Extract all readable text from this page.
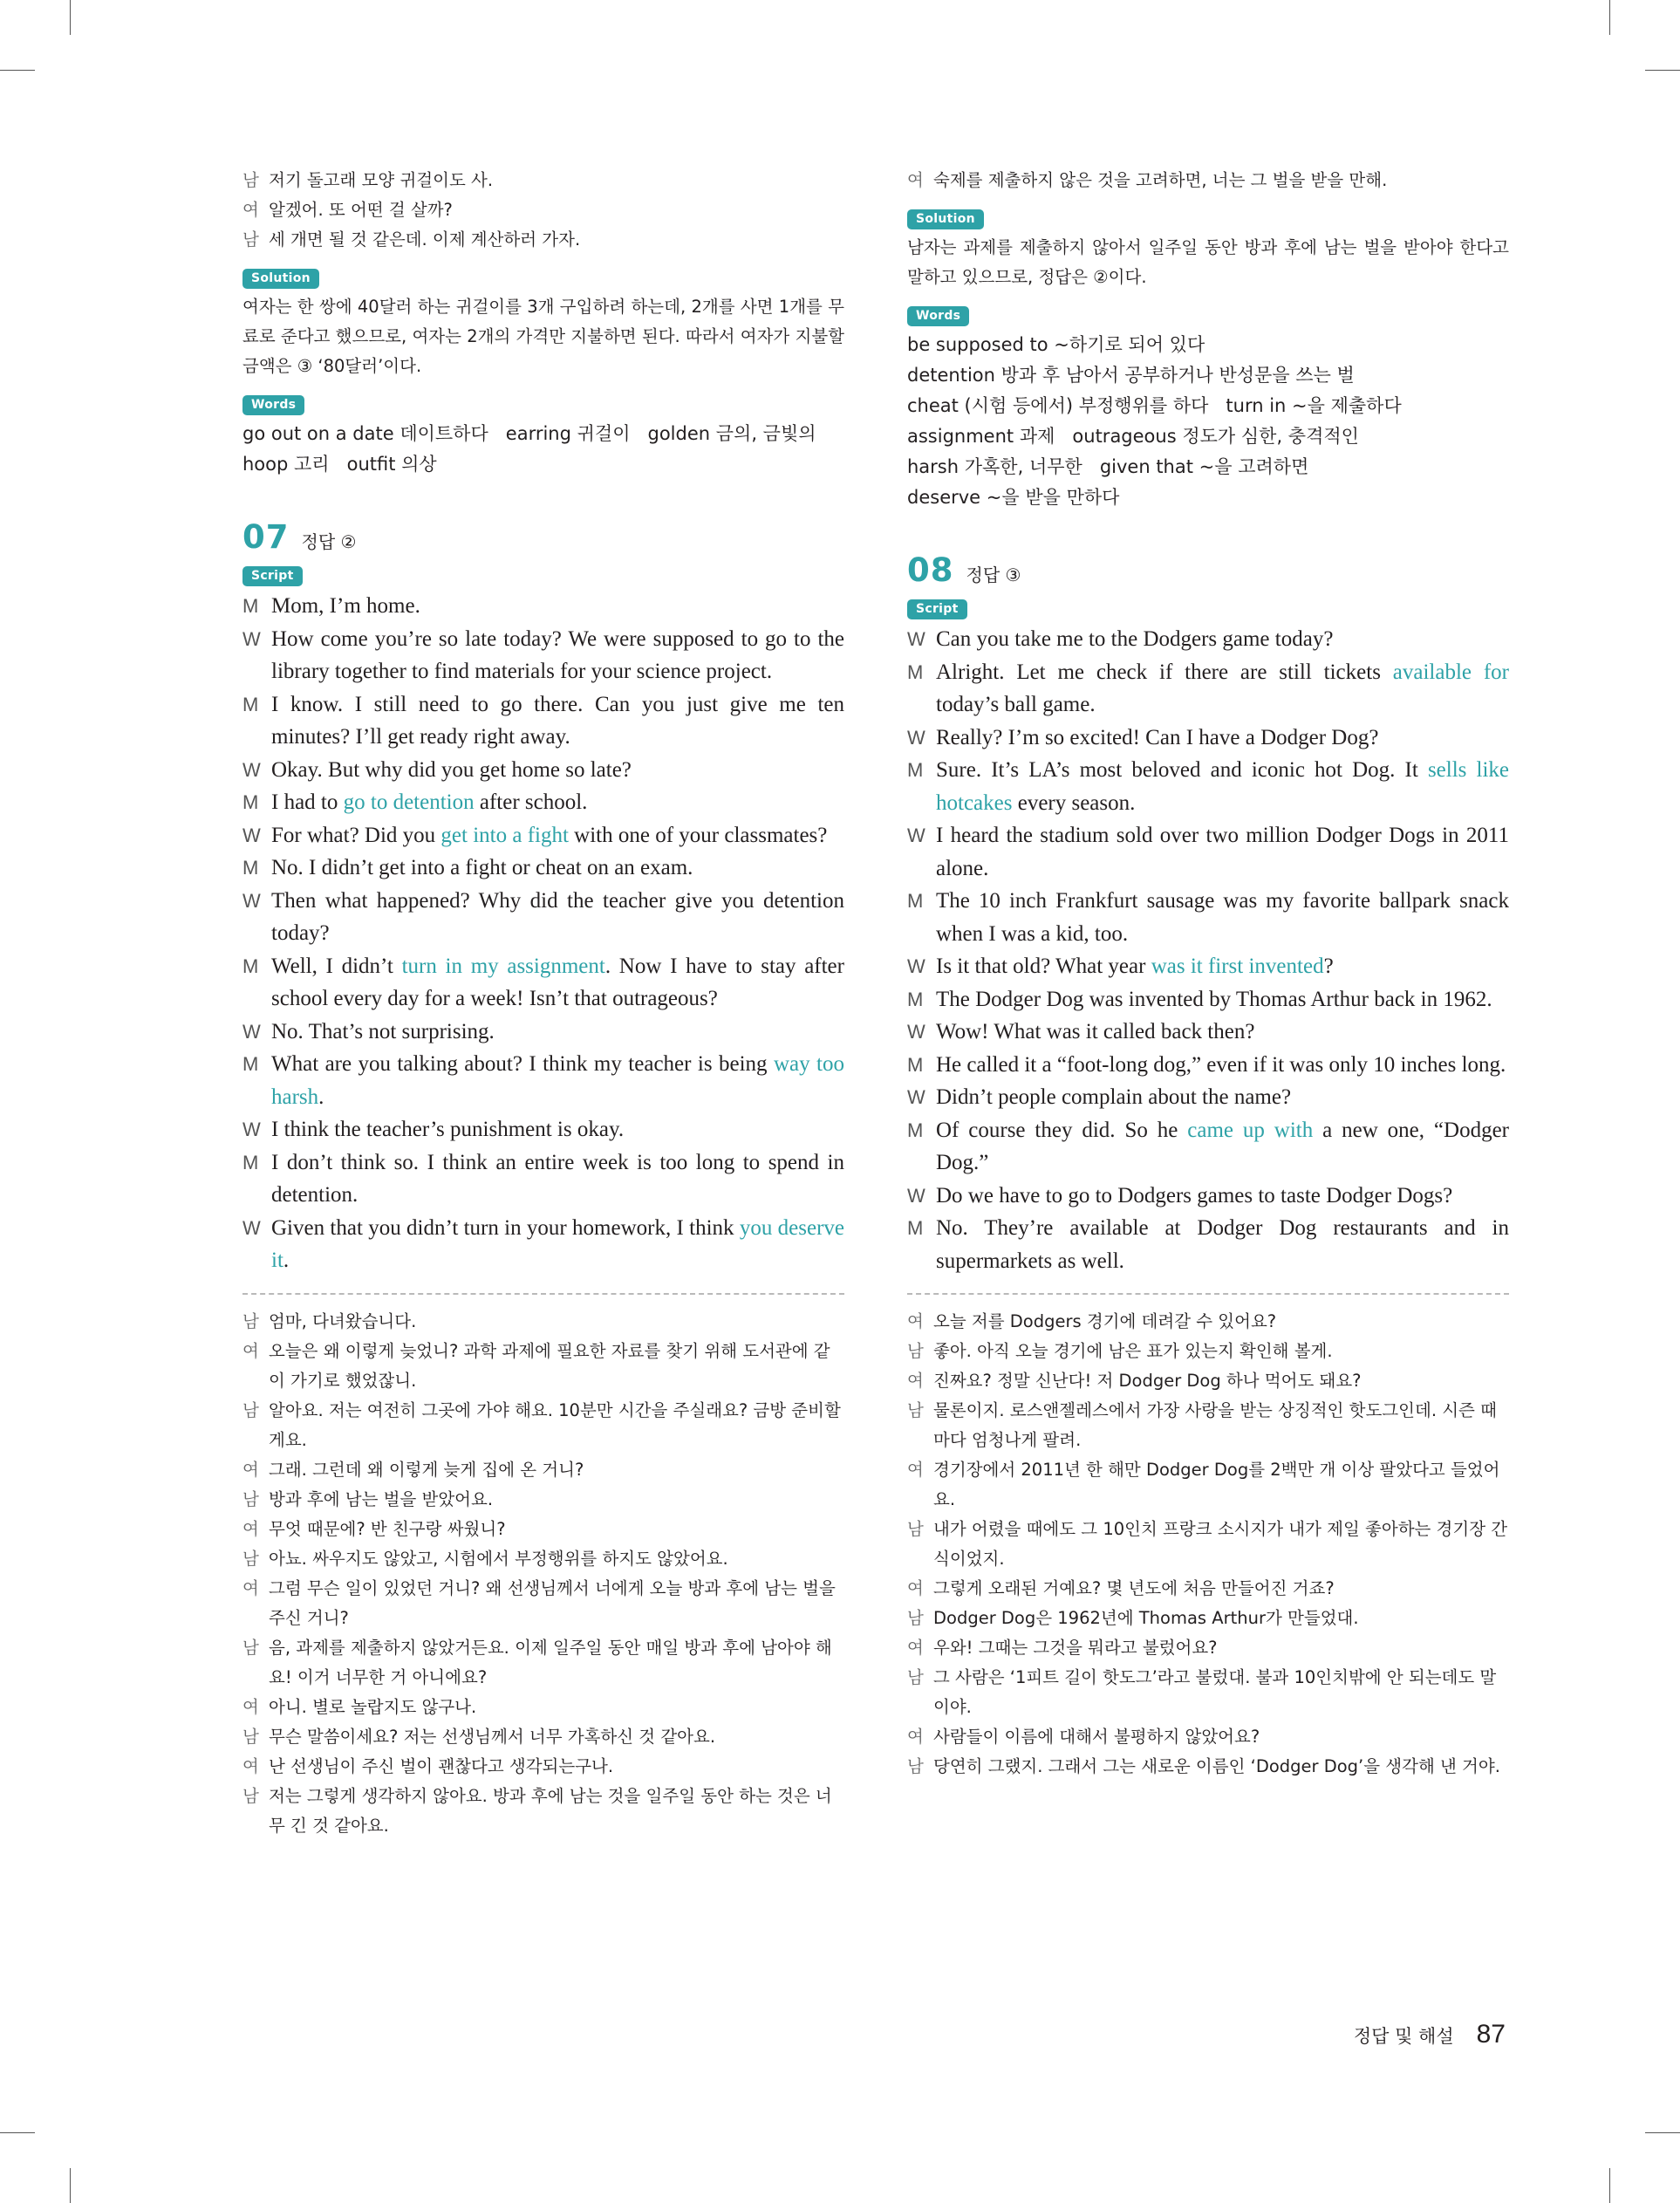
남 저기 돌고래 모양 귀걸이도 사.
여 알겠어. 또 어떤 걸 살까?
남 세 개면 될 것 같은데. 이제 계산하러 가자.
Solution
여자는 한 쌍에 40달러 하는 귀걸이를 3개 구입하려 하는데, 2개를 사면 1개를 무료로 준다고 했으므로, 여자는 2개의 가격만 지불하면 된다. 따라서 여자가 지불할 금액은 ③ ‘80달러’이다.
Words
go out on a date 데이트하다   earring 귀걸이   golden 금의, 금빛의
hoop 고리   outfit 의상
07 정답 ②
Script
M Mom, I’m home.
W How come you’re so late today? We were supposed to go to the library together to find materials for your science project.
M I know. I still need to go there. Can you just give me ten minutes? I’ll get ready right away.
W Okay. But why did you get home so late?
M I had to go to detention after school.
W For what? Did you get into a fight with one of your classmates?
M No. I didn’t get into a fight or cheat on an exam.
W Then what happened? Why did the teacher give you detention today?
M Well, I didn’t turn in my assignment. Now I have to stay after school every day for a week! Isn’t that outrageous?
W No. That’s not surprising.
M What are you talking about? I think my teacher is being way too harsh.
W I think the teacher’s punishment is okay.
M I don’t think so. I think an entire week is too long to spend in detention.
W Given that you didn’t turn in your homework, I think you deserve it.
남 엄마, 다녀왔습니다.
여 오늘은 왜 이렇게 늦었니? 과학 과제에 필요한 자료를 찾기 위해 도서관에 같이 가기로 했었잖니.
남 알아요. 저는 여전히 그곳에 가야 해요. 10분만 시간을 주실래요? 금방 준비할게요.
여 그래. 그런데 왜 이렇게 늦게 집에 온 거니?
남 방과 후에 남는 벌을 받았어요.
여 무엇 때문에? 반 친구랑 싸웠니?
남 아뇨. 싸우지도 않았고, 시험에서 부정행위를 하지도 않았어요.
여 그럼 무슨 일이 있었던 거니? 왜 선생님께서 너에게 오늘 방과 후에 남는 벌을 주신 거니?
남 음, 과제를 제출하지 않았거든요. 이제 일주일 동안 매일 방과 후에 남아야 해요! 이거 너무한 거 아니에요?
여 아니. 별로 놀랍지도 않구나.
남 무슨 말씀이세요? 저는 선생님께서 너무 가혹하신 것 같아요.
여 난 선생님이 주신 벌이 괜찮다고 생각되는구나.
남 저는 그렇게 생각하지 않아요. 방과 후에 남는 것을 일주일 동안 하는 것은 너무 긴 것 같아요.
여 숙제를 제출하지 않은 것을 고려하면, 너는 그 벌을 받을 만해.
Solution
남자는 과제를 제출하지 않아서 일주일 동안 방과 후에 남는 벌을 받아야 한다고 말하고 있으므로, 정답은 ②이다.
Words
be supposed to ~하기로 되어 있다
detention 방과 후 남아서 공부하거나 반성문을 쓰는 벌
cheat (시험 등에서) 부정행위를 하다   turn in ~을 제출하다
assignment 과제   outrageous 정도가 심한, 충격적인
harsh 가혹한, 너무한   given that ~을 고려하면
deserve ~을 받을 만하다
08 정답 ③
Script
W Can you take me to the Dodgers game today?
M Alright. Let me check if there are still tickets available for today’s ball game.
W Really? I’m so excited! Can I have a Dodger Dog?
M Sure. It’s LA’s most beloved and iconic hot Dog. It sells like hotcakes every season.
W I heard the stadium sold over two million Dodger Dogs in 2011 alone.
M The 10 inch Frankfurt sausage was my favorite ballpark snack when I was a kid, too.
W Is it that old? What year was it first invented?
M The Dodger Dog was invented by Thomas Arthur back in 1962.
W Wow! What was it called back then?
M He called it a “foot-long dog,” even if it was only 10 inches long.
W Didn’t people complain about the name?
M Of course they did. So he came up with a new one, “Dodger Dog.”
W Do we have to go to Dodgers games to taste Dodger Dogs?
M No. They’re available at Dodger Dog restaurants and in supermarkets as well.
여 오늘 저를 Dodgers 경기에 데려갈 수 있어요?
남 좋아. 아직 오늘 경기에 남은 표가 있는지 확인해 볼게.
여 진짜요? 정말 신난다! 저 Dodger Dog 하나 먹어도 돼요?
남 물론이지. 로스앤젤레스에서 가장 사랑을 받는 상징적인 핫도그인데. 시즌 때마다 엄청나게 팔려.
여 경기장에서 2011년 한 해만 Dodger Dog를 2백만 개 이상 팔았다고 들었어요.
남 내가 어렸을 때에도 그 10인치 프랑크 소시지가 내가 제일 좋아하는 경기장 간식이었지.
여 그렇게 오래된 거예요? 몇 년도에 처음 만들어진 거죠?
남 Dodger Dog은 1962년에 Thomas Arthur가 만들었대.
여 우와! 그때는 그것을 뭐라고 불렀어요?
남 그 사람은 ‘1피트 길이 핫도그’라고 불렀대. 불과 10인치밖에 안 되는데도 말이야.
여 사람들이 이름에 대해서 불평하지 않았어요?
남 당연히 그랬지. 그래서 그는 새로운 이름인 ‘Dodger Dog’을 생각해 낸 거야.
정답 및 해설 87
